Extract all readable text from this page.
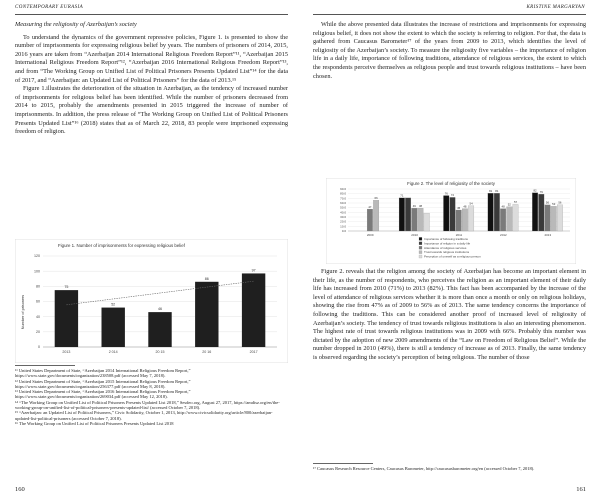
CONTEMPORARY EURASIA
Measuring the religiosity of Azerbaijan’s society

To understand the dynamics of the government repressive policies, Figure 1. is presented to show the number of imprisonments for expressing religious belief by years. The numbers of prisoners of 2014, 2015, 2016 years are taken from “Azerbaijan 2014 International Religious Freedom Report”¹¹, “Azerbaijan 2015 International Religious Freedom Report”¹², “Azerbaijan 2016 International Religious Freedom Report”¹³, and from “The Working Group on Unified List of Political Prisoners Presents Updated List”¹⁴ for the data of 2017, and “Azerbaijan: an Updated List of Political Prisoners” for the data of 2013.¹⁵

Figure 1.illustrates the deterioration of the situation in Azerbaijan, as the tendency of increased number of imprisonments for religious belief has been identified. While the number of prisoners decreased from 2014 to 2015, probably the amendments presented in 2015 triggered the increase of number of imprisonments. In addition, the press release of “The Working Group on Unified List of Political Prisoners Presents Updated List”¹⁶ (2018) states that as of March 22, 2018, 83 people were imprisoned expressing freedom of religion.

Figure 1. Number of imprisonments for expressing religious belief
Number of prisoners
75
52
46
86
97
2013	2 014	20 15	20 16	2017
0
20
40
60
80
100
120
¹¹ United States Department of State, “Azerbaijan 2014 International Religious Freedom Report,” https://www.state.gov/documents/organization/238508.pdf (accessed May 7, 2018).
¹² United States Department of State, “Azerbaijan 2015 International Religious Freedom Report,” https://www.state.gov/documents/organization/256377.pdf (accessed May 8, 2018).
¹³ United States Department of State, “Azerbaijan 2016 International Religious Freedom Report,” https://www.state.gov/documents/organization/269034.pdf (accessed May 12, 2018).
¹⁴ “The Working Group on Unified List of Political Prisoners Presents Updated List 2018,” Sesdeo.org, August 27, 2017, https://amdisz.org/en/the-working-group-on-unified-list-of-political-prisoners-presents-updated-list/ (accessed October 7, 2018).
¹⁵ “Azerbaijan: an Updated List of Political Prisoners,” Civic Solidarity, October 1, 2013, http://www.civicsolidarity.org/article/800/azerbaijan-updated-list-political-prisoners (accessed October 7, 2018).
¹⁶ The Working Group on Unified List of Political Prisoners Presents Updated List 2018
160
KRISTINE MARGARYAN

While the above presented data illustrates the increase of restrictions and imprisonments for expressing religious belief, it does not show the extent to which the society is referring to religion. For that, the data is gathered from Caucasus Barometer¹⁷ of the years from 2009 to 2013, which identifies the level of religiosity of the Azerbaijan’s society. To measure the religiosity five variables – the importance of religion life in a daily life, importance of following traditions, attendance of religious services, the extent to which the respondents perceive themselves as religious people and trust towards religious institutions – have been chosen.

Figure 2. The level of religiosity of the society
47
66
71
49 38
76 72
45 48
54
81 81
48 52
57
82 79
56 53 56
2009	2010	2011	2012	2013
0.0
10.0
20.0
30.0
40.0
50.0
60.0
70.0
80.0
90.0
Importance of following traditions
Importance of religion in a daily life
Attendance of religious services
Trust towards religious institutions
Perception of oneself as a religious person

Figure 2. reveals that the religion among the society of Azerbaijan has become an important element in their life, as the number of respondents, who perceives the religion as an important element of their daily life has increased from 2010 (71%) to 2013 (82%). This fact has been accompanied by the increase of the level of attendance of religious services whether it is more than once a month or only on religious holidays, showing the rise from 47% as of 2009 to 56% as of 2013. The same tendency concerns the importance of following the traditions. This can be considered another proof of increased level of religiosity of Azerbaijan’s society. The tendency of trust towards religious institutions is also an interesting phenomenon. The highest rate of trust towards religious institutions was in 2009 with 66%. Probably this number was dictated by the adoption of new 2009 amendments of the “Law on Freedom of Religious Belief”. While the number dropped in 2010 (49%), there is still a tendency of increase as of 2013. Finally, the same tendency is observed regarding the society’s perception of being religious. The number of those

¹⁷ Caucasus Research Resource Centers, Caucasus Barometer, http://caucasusbarometer.org/en (accessed October 7, 2018).
161
